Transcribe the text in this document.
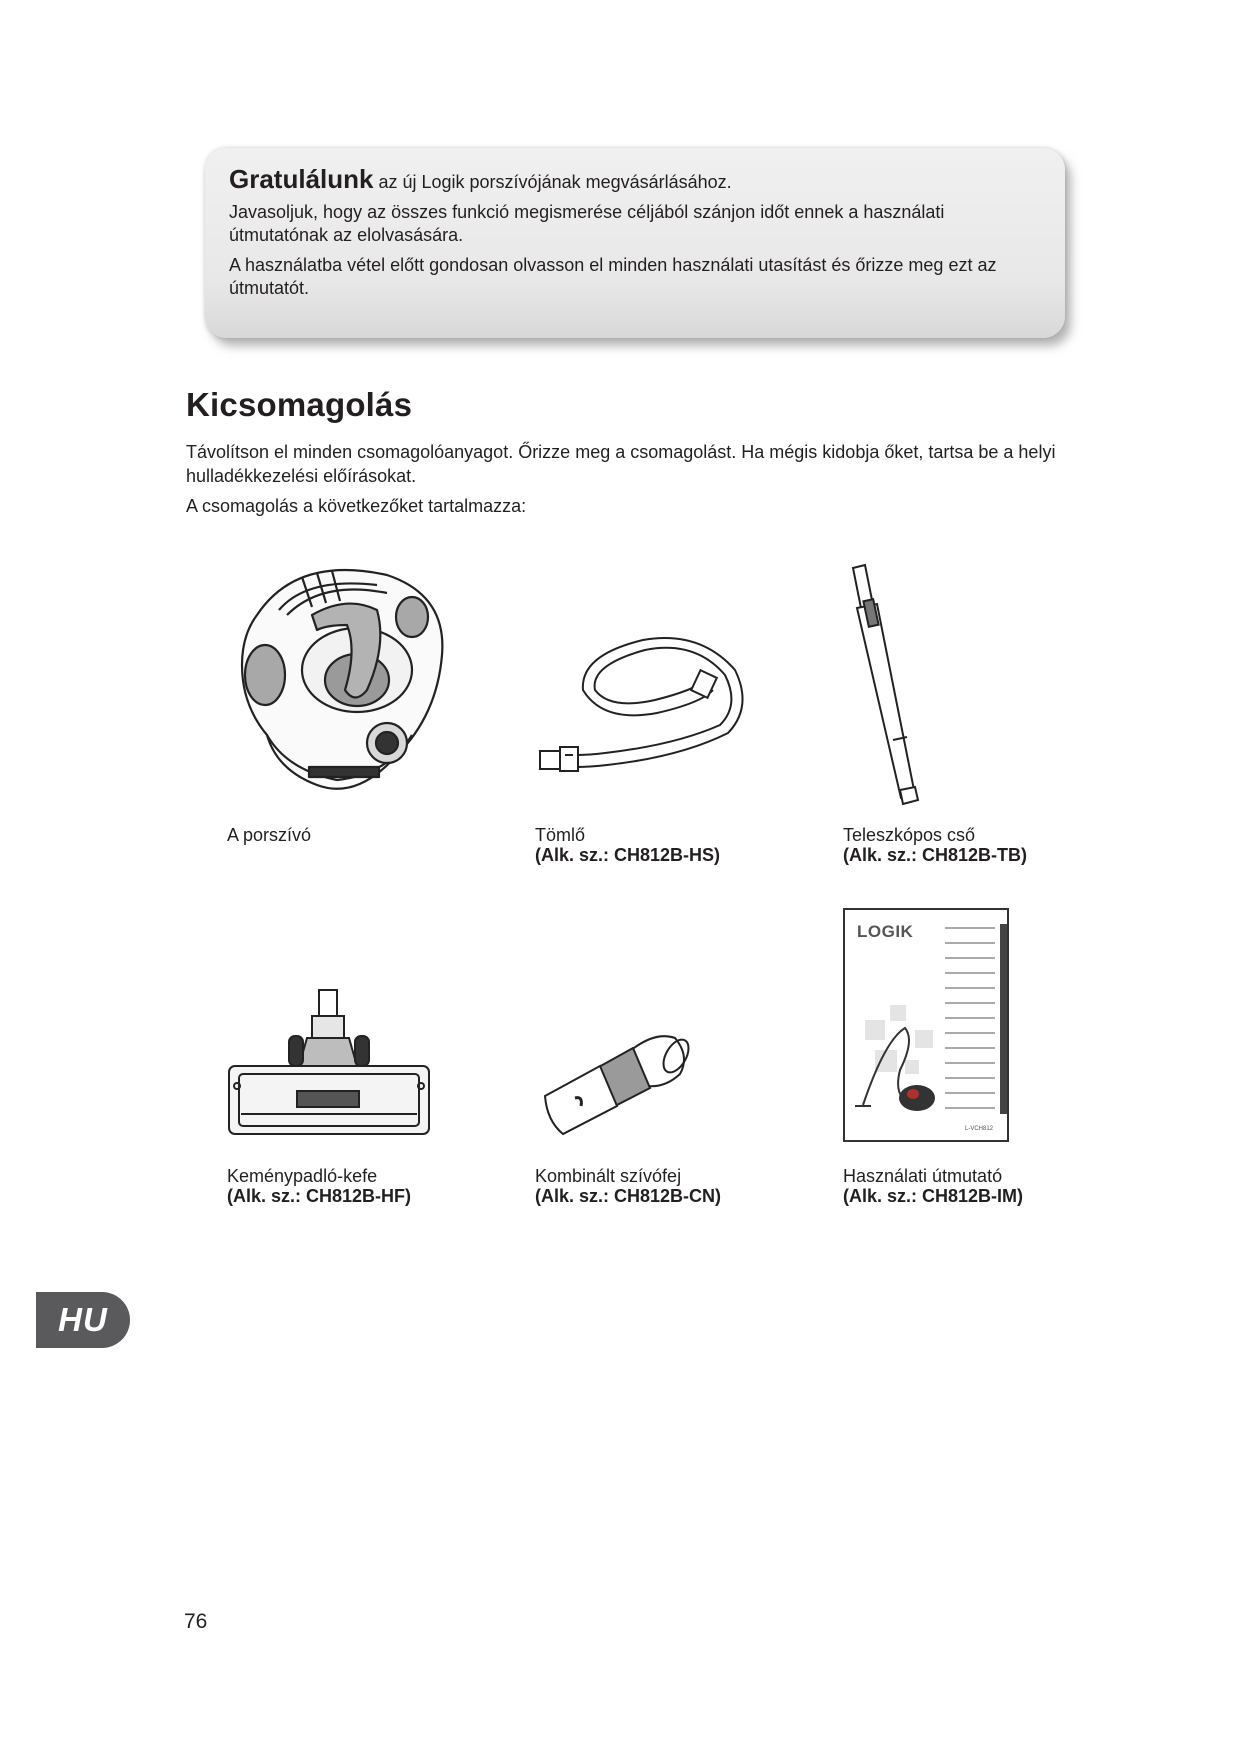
Gratulálunk az új Logik porszívójának megvásárlásához.

Javasoljuk, hogy az összes funkció megismerése céljából szánjon időt ennek a használati útmutatónak az elolvasására.

A használatba vétel előtt gondosan olvasson el minden használati utasítást és őrizze meg ezt az útmutatót.

Kicsomagolás

Távolítson el minden csomagolóanyagot. Őrizze meg a csomagolást. Ha mégis kidobja őket, tartsa be a helyi hulladékkezelési előírásokat.

A csomagolás a következőket tartalmazza:

A porszívó	Tömlő
(Alk. sz.: CH812B-HS)
Teleszkópos cső
(Alk. sz.: CH812B-TB)
Keménypadló-kefe
(Alk. sz.: CH812B-HF)
Kombinált szívófej
(Alk. sz.: CH812B-CN)
LOGIK
L-VCH812
Használati útmutató
(Alk. sz.: CH812B-IM)
HU
76
